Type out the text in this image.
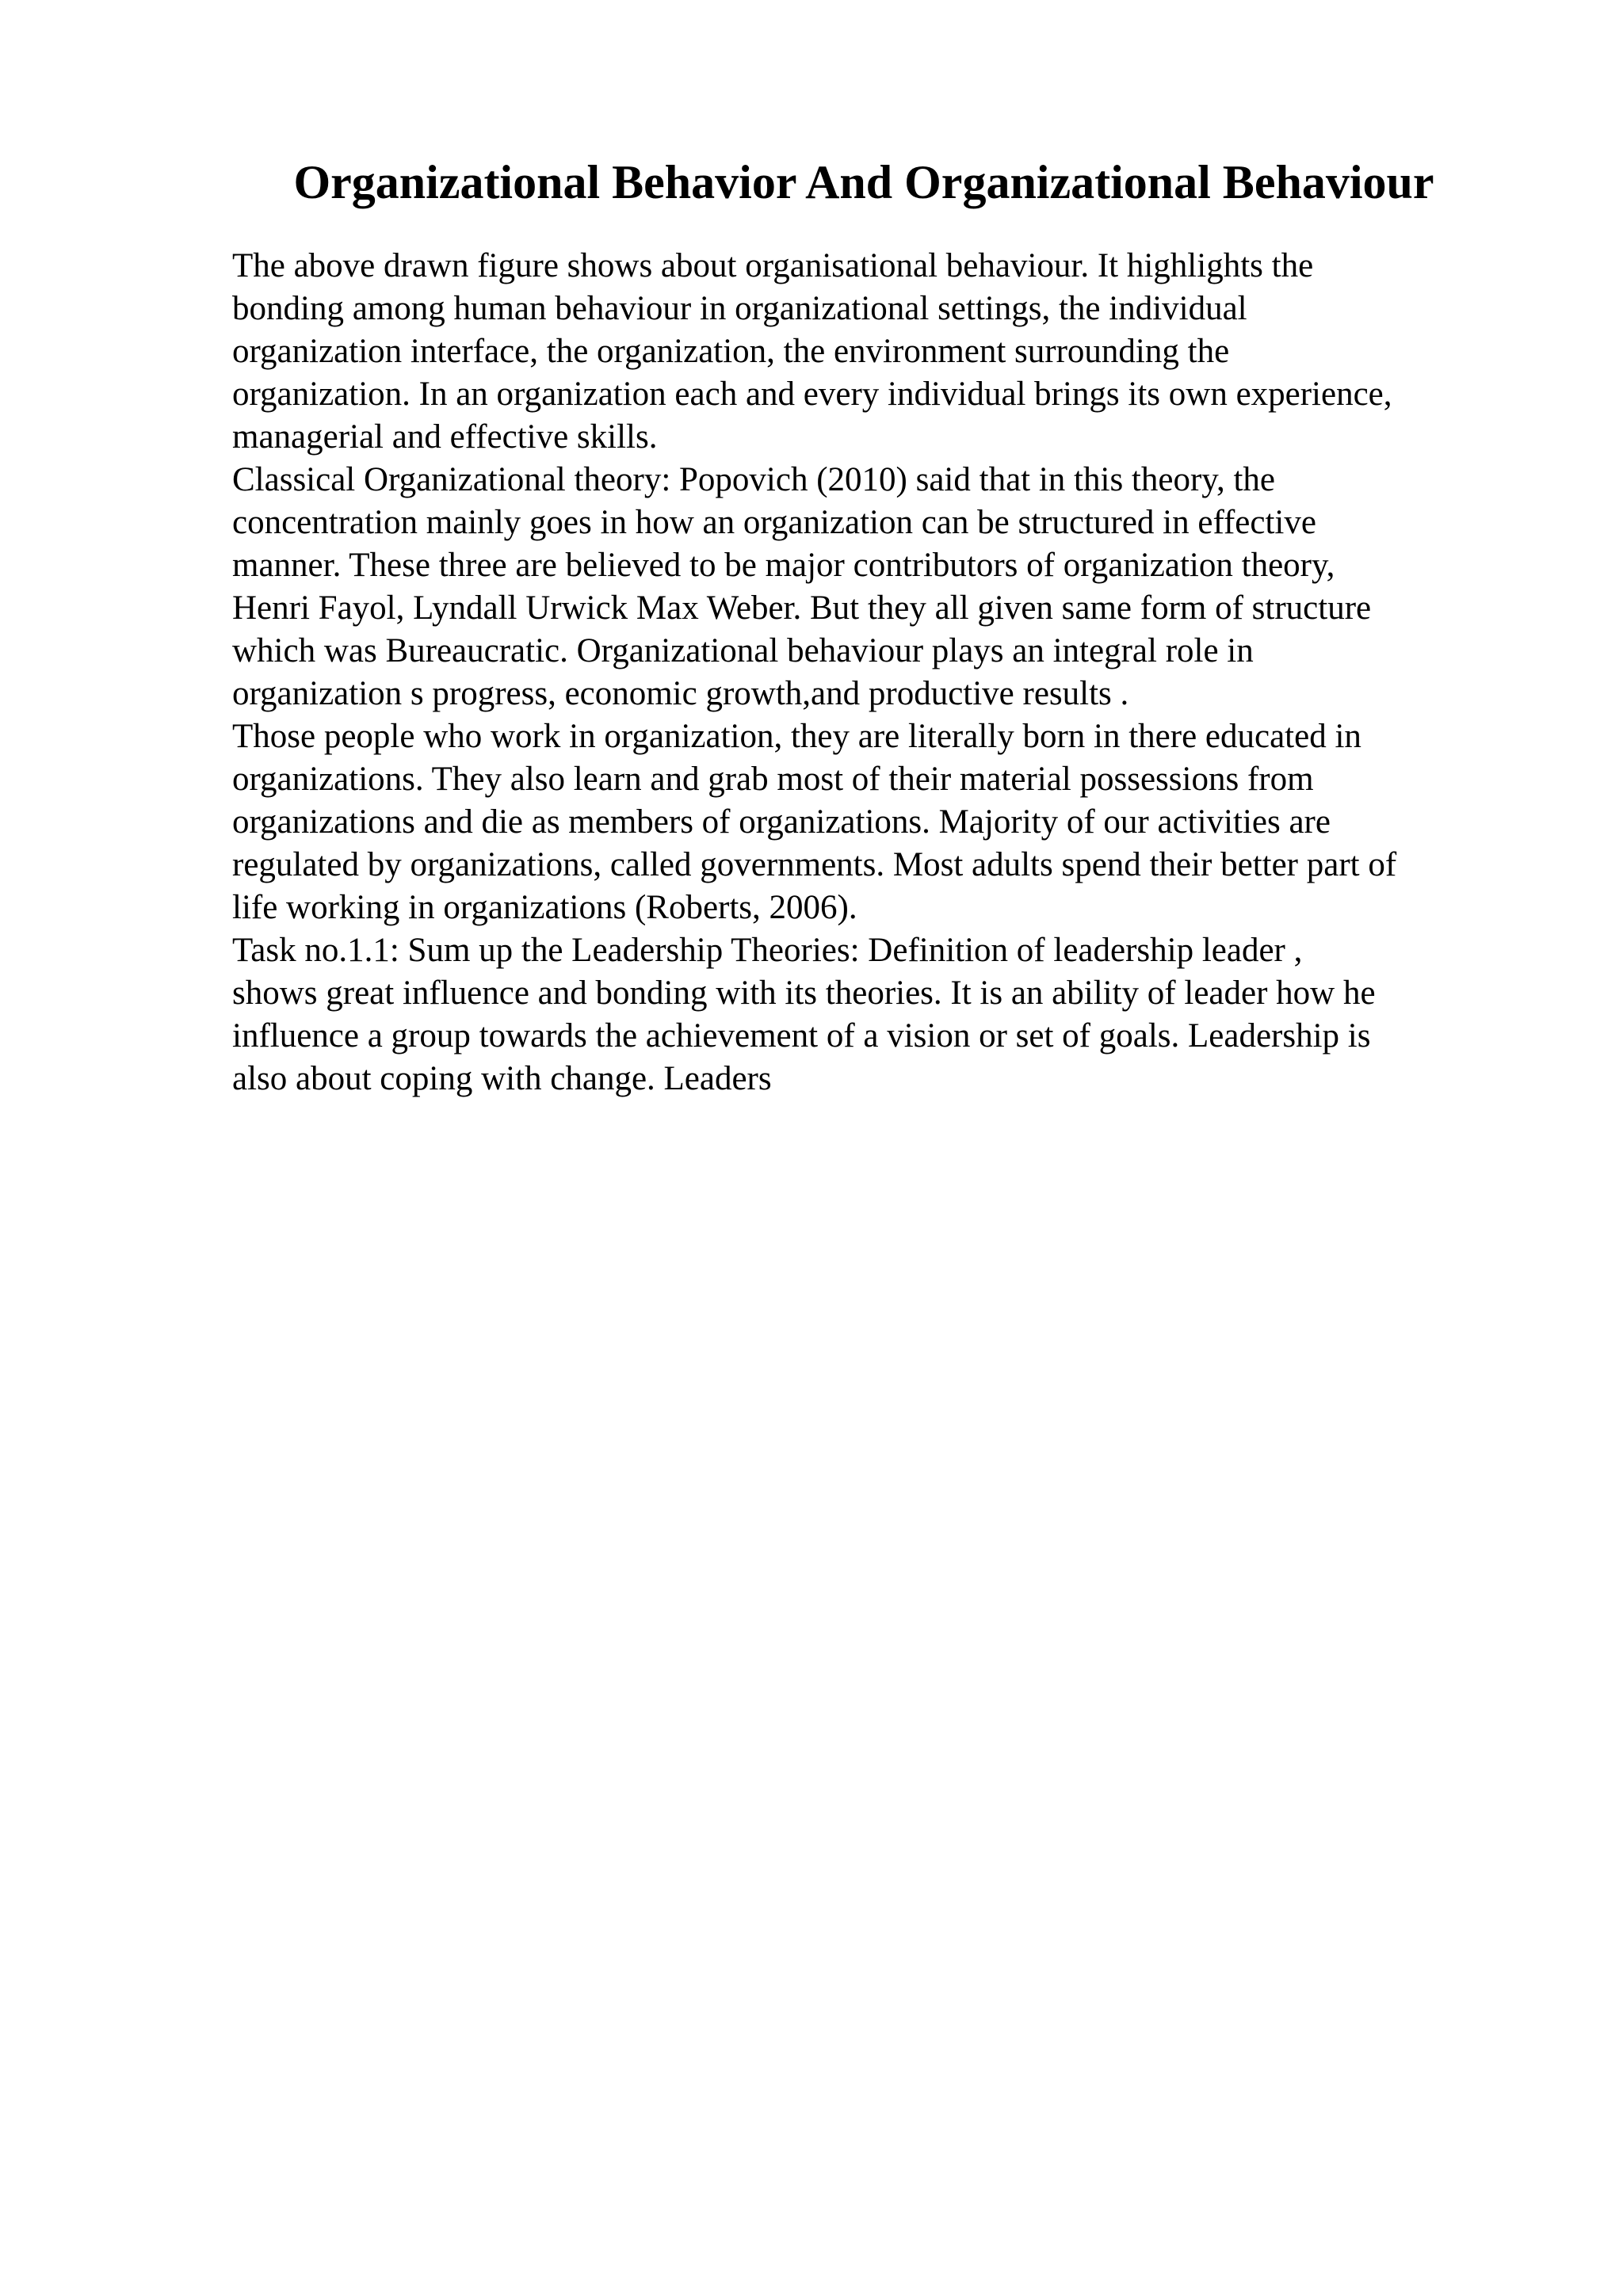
Organizational Behavior And Organizational Behaviour
The above drawn figure shows about organisational behaviour. It highlights the
bonding among human behaviour in organizational settings, the individual
organization interface, the organization, the environment surrounding the
organization. In an organization each and every individual brings its own experience,
managerial and effective skills.
Classical Organizational theory: Popovich (2010) said that in this theory, the
concentration mainly goes in how an organization can be structured in effective
manner. These three are believed to be major contributors of organization theory,
Henri Fayol, Lyndall Urwick Max Weber. But they all given same form of structure
which was Bureaucratic. Organizational behaviour plays an integral role in
organization s progress, economic growth,and productive results .
Those people who work in organization, they are literally born in there educated in
organizations. They also learn and grab most of their material possessions from
organizations and die as members of organizations. Majority of our activities are
regulated by organizations, called governments. Most adults spend their better part of
life working in organizations (Roberts, 2006).
Task no.1.1: Sum up the Leadership Theories: Definition of leadership leader ,
shows great influence and bonding with its theories. It is an ability of leader how he
influence a group towards the achievement of a vision or set of goals. Leadership is
also about coping with change. Leaders
